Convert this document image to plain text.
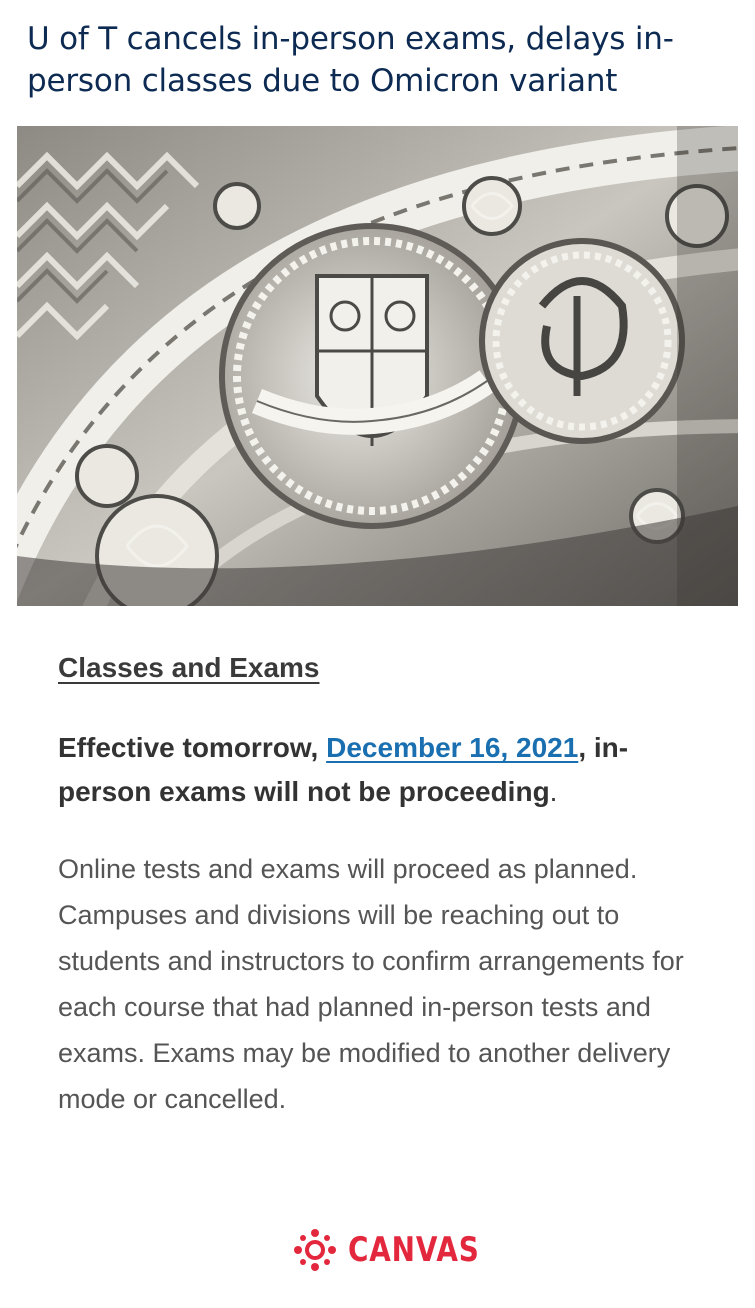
U of T cancels in-person exams, delays in-person classes due to Omicron variant
Classes and Exams

Effective tomorrow, December 16, 2021, in-person exams will not be proceeding.

Online tests and exams will proceed as planned. Campuses and divisions will be reaching out to students and instructors to confirm arrangements for each course that had planned in-person tests and exams. Exams may be modified to another delivery mode or cancelled.

CANVAS
